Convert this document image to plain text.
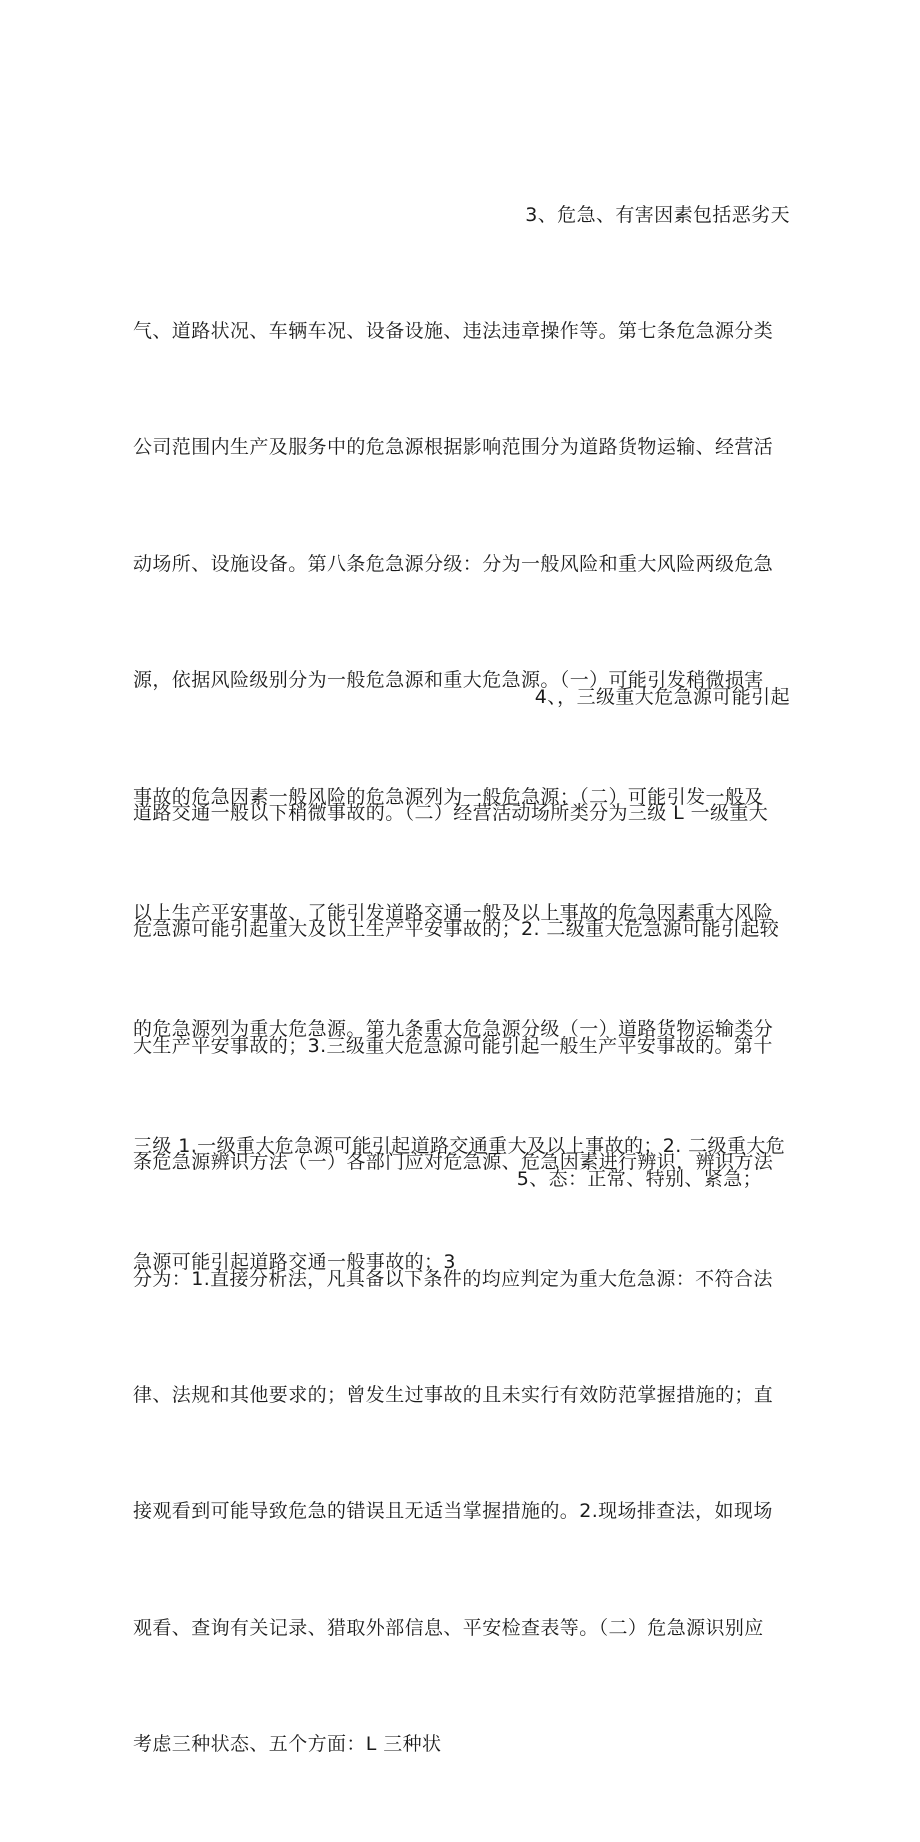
3、危急、有害因素包括恶劣天

气、道路状况、车辆车况、设备设施、违法违章操作等。第七条危急源分类

公司范围内生产及服务中的危急源根据影响范围分为道路货物运输、经营活

动场所、设施设备。第八条危急源分级：分为一般风险和重大风险两级危急

源，依据风险级别分为一般危急源和重大危急源。（一）可能引发稍微损害

事故的危急因素一般风险的危急源列为一般危急源；（二）可能引发一般及

以上生产平安事故、了能引发道路交通一般及以上事故的危急因素重大风险

的危急源列为重大危急源。第九条重大危急源分级（一）道路货物运输类分

三级 1.一级重大危急源可能引起道路交通重大及以上事故的；2. 二级重大危

急源可能引起道路交通一般事故的；3

4、，三级重大危急源可能引起

道路交通一般以下稍微事故的。（二）经营活动场所类分为三级 L 一级重大

危急源可能引起重大及以上生产平安事故的；2. 二级重大危急源可能引起较

大生产平安事故的；3.三级重大危急源可能引起一般生产平安事故的。第十

条危急源辨识方法（一）各部门应对危急源、危急因素进行辨识，辨识方法

分为：1.直接分析法，凡具备以下条件的均应判定为重大危急源：不符合法

律、法规和其他要求的；曾发生过事故的且未实行有效防范掌握措施的；直

接观看到可能导致危急的错误且无适当掌握措施的。2.现场排查法，如现场

观看、查询有关记录、猎取外部信息、平安检查表等。（二）危急源识别应

考虑三种状态、五个方面：L 三种状

5、态：正常、特别、紧急；
